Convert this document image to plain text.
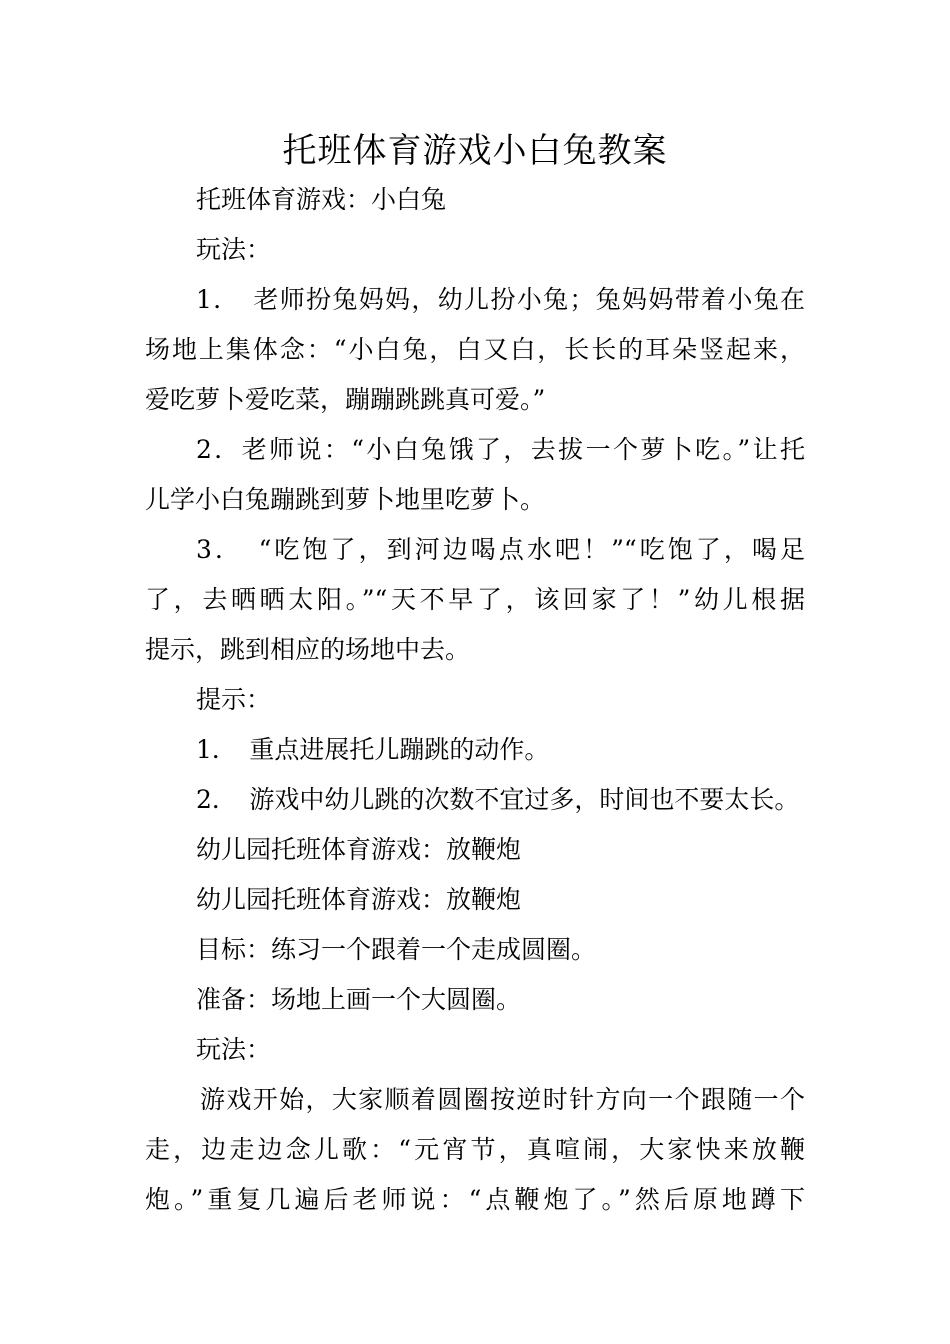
托班体育游戏小白兔教案

托班体育游戏：小白兔

玩法：

1．　老师扮兔妈妈，幼儿扮小兔；兔妈妈带着小兔在

场地上集体念：“小白兔，白又白，长长的耳朵竖起来，

爱吃萝卜爱吃菜，蹦蹦跳跳真可爱。”

2．老师说：“小白兔饿了，去拔一个萝卜吃。”让托

儿学小白兔蹦跳到萝卜地里吃萝卜。

3．　“吃饱了，到河边喝点水吧！”“吃饱了，喝足

了，去晒晒太阳。”“天不早了，该回家了！”幼儿根据

提示，跳到相应的场地中去。

提示：

1．　重点进展托儿蹦跳的动作。

2．　游戏中幼儿跳的次数不宜过多，时间也不要太长。

幼儿园托班体育游戏：放鞭炮

幼儿园托班体育游戏：放鞭炮

目标：练习一个跟着一个走成圆圈。

准备：场地上画一个大圆圈。

玩法：

游戏开始，大家顺着圆圈按逆时针方向一个跟随一个

走，边走边念儿歌：“元宵节，真喧闹，大家快来放鞭

炮。”重复几遍后老师说：“点鞭炮了。”然后原地蹲下
